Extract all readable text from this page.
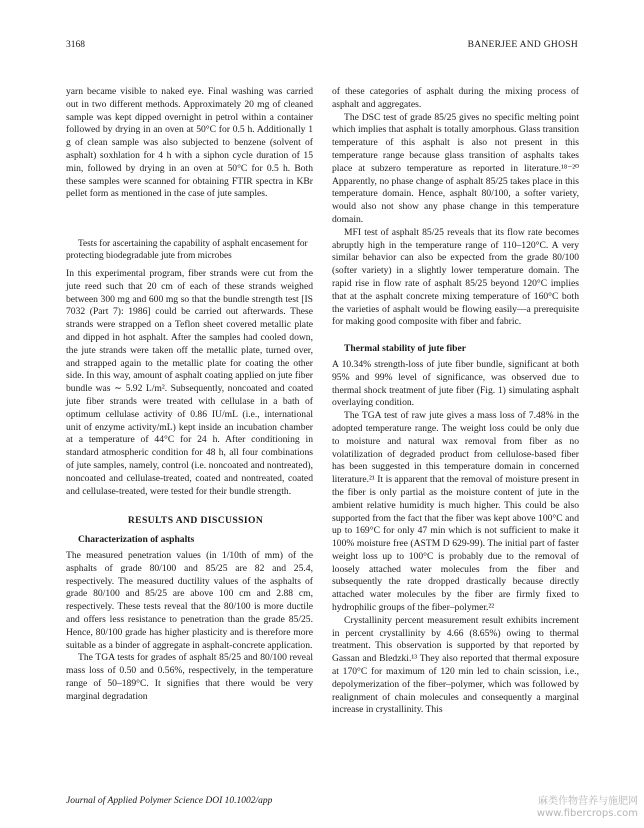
3168	BANERJEE AND GHOSH

yarn became visible to naked eye. Final washing was carried out in two different methods. Approximately 20 mg of cleaned sample was kept dipped overnight in petrol within a container followed by drying in an oven at 50°C for 0.5 h. Additionally 1 g of clean sample was also subjected to benzene (solvent of asphalt) soxhlation for 4 h with a siphon cycle duration of 15 min, followed by drying in an oven at 50°C for 0.5 h. Both these samples were scanned for obtaining FTIR spectra in KBr pellet form as mentioned in the case of jute samples.

Tests for ascertaining the capability of asphalt encasement for protecting biodegradable jute from microbes

In this experimental program, fiber strands were cut from the jute reed such that 20 cm of each of these strands weighed between 300 mg and 600 mg so that the bundle strength test [IS 7032 (Part 7): 1986] could be carried out afterwards. These strands were strapped on a Teflon sheet covered metallic plate and dipped in hot asphalt. After the samples had cooled down, the jute strands were taken off the metallic plate, turned over, and strapped again to the metallic plate for coating the other side. In this way, amount of asphalt coating applied on jute fiber bundle was ∼ 5.92 L/m². Subsequently, noncoated and coated jute fiber strands were treated with cellulase in a bath of optimum cellulase activity of 0.86 IU/mL (i.e., international unit of enzyme activity/mL) kept inside an incubation chamber at a temperature of 44°C for 24 h. After conditioning in standard atmospheric condition for 48 h, all four combinations of jute samples, namely, control (i.e. noncoated and nontreated), noncoated and cellulase-treated, coated and nontreated, coated and cellulase-treated, were tested for their bundle strength.

RESULTS AND DISCUSSION

Characterization of asphalts

The measured penetration values (in 1/10th of mm) of the asphalts of grade 80/100 and 85/25 are 82 and 25.4, respectively. The measured ductility values of the asphalts of grade 80/100 and 85/25 are above 100 cm and 2.88 cm, respectively. These tests reveal that the 80/100 is more ductile and offers less resistance to penetration than the grade 85/25. Hence, 80/100 grade has higher plasticity and is therefore more suitable as a binder of aggregate in asphalt-concrete application.

The TGA tests for grades of asphalt 85/25 and 80/100 reveal mass loss of 0.50 and 0.56%, respectively, in the temperature range of 50–189°C. It signifies that there would be very marginal degradation

of these categories of asphalt during the mixing process of asphalt and aggregates.

The DSC test of grade 85/25 gives no specific melting point which implies that asphalt is totally amorphous. Glass transition temperature of this asphalt is also not present in this temperature range because glass transition of asphalts takes place at subzero temperature as reported in literature.¹⁸⁻²⁰ Apparently, no phase change of asphalt 85/25 takes place in this temperature domain. Hence, asphalt 80/100, a softer variety, would also not show any phase change in this temperature domain.

MFI test of asphalt 85/25 reveals that its flow rate becomes abruptly high in the temperature range of 110–120°C. A very similar behavior can also be expected from the grade 80/100 (softer variety) in a slightly lower temperature domain. The rapid rise in flow rate of asphalt 85/25 beyond 120°C implies that at the asphalt concrete mixing temperature of 160°C both the varieties of asphalt would be flowing easily—a prerequisite for making good composite with fiber and fabric.

Thermal stability of jute fiber

A 10.34% strength-loss of jute fiber bundle, significant at both 95% and 99% level of significance, was observed due to thermal shock treatment of jute fiber (Fig. 1) simulating asphalt overlaying condition.

The TGA test of raw jute gives a mass loss of 7.48% in the adopted temperature range. The weight loss could be only due to moisture and natural wax removal from fiber as no volatilization of degraded product from cellulose-based fiber has been suggested in this temperature domain in concerned literature.²¹ It is apparent that the removal of moisture present in the fiber is only partial as the moisture content of jute in the ambient relative humidity is much higher. This could be also supported from the fact that the fiber was kept above 100°C and up to 169°C for only 47 min which is not sufficient to make it 100% moisture free (ASTM D 629-99). The initial part of faster weight loss up to 100°C is probably due to the removal of loosely attached water molecules from the fiber and subsequently the rate dropped drastically because directly attached water molecules by the fiber are firmly fixed to hydrophilic groups of the fiber–polymer.²²

Crystallinity percent measurement result exhibits increment in percent crystallinity by 4.66 (8.65%) owing to thermal treatment. This observation is supported by that reported by Gassan and Bledzki.¹³ They also reported that thermal exposure at 170°C for maximum of 120 min led to chain scission, i.e., depolymerization of the fiber–polymer, which was followed by realignment of chain molecules and consequently a marginal increase in crystallinity. This

Journal of Applied Polymer Science DOI 10.1002/app	麻类作物营养与施肥网
www.fibercrops.com
